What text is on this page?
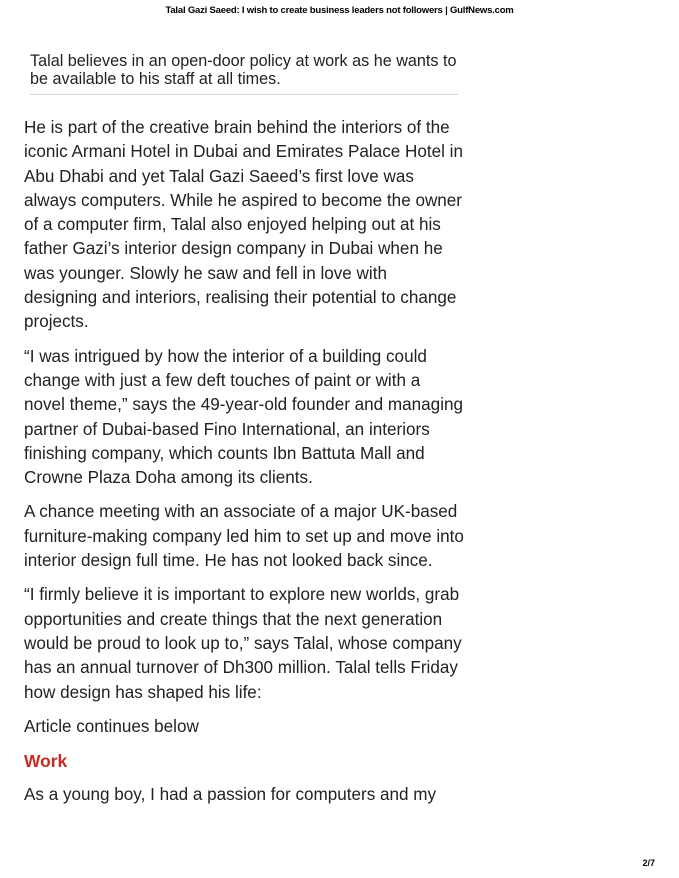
Talal Gazi Saeed: I wish to create business leaders not followers | GulfNews.com
Talal believes in an open-door policy at work as he wants to be available to his staff at all times.

He is part of the creative brain behind the interiors of the iconic Armani Hotel in Dubai and Emirates Palace Hotel in Abu Dhabi and yet Talal Gazi Saeed’s first love was always computers. While he aspired to become the owner of a computer firm, Talal also enjoyed helping out at his father Gazi’s interior design company in Dubai when he was younger. Slowly he saw and fell in love with designing and interiors, realising their potential to change projects.

“I was intrigued by how the interior of a building could change with just a few deft touches of paint or with a novel theme,” says the 49-year-old founder and managing partner of Dubai-based Fino International, an interiors finishing company, which counts Ibn Battuta Mall and Crowne Plaza Doha among its clients.

A chance meeting with an associate of a major UK-based furniture-making company led him to set up and move into interior design full time. He has not looked back since.

“I firmly believe it is important to explore new worlds, grab opportunities and create things that the next generation would be proud to look up to,” says Talal, whose company has an annual turnover of Dh300 million. Talal tells Friday how design has shaped his life:

Article continues below

Work

As a young boy, I had a passion for computers and my

2/7
